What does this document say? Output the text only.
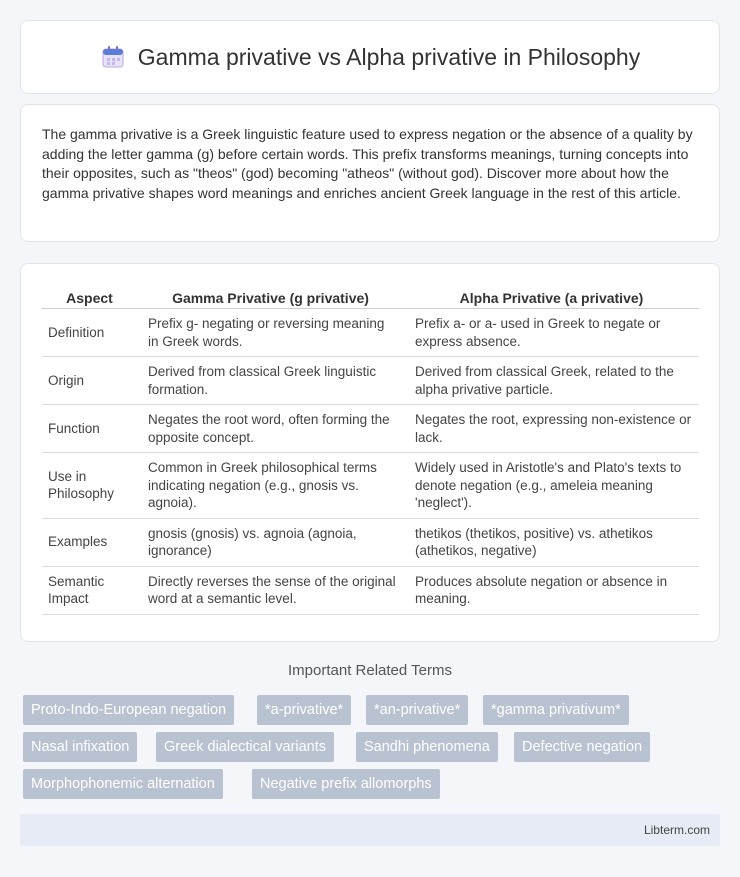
Gamma privative vs Alpha privative in Philosophy

The gamma privative is a Greek linguistic feature used to express negation or the absence of a quality by adding the letter gamma (g) before certain words. This prefix transforms meanings, turning concepts into their opposites, such as "theos" (god) becoming "atheos" (without god). Discover more about how the gamma privative shapes word meanings and enriches ancient Greek language in the rest of this article.

Aspect	Gamma Privative (g privative)	Alpha Privative (a privative)
Definition	Prefix g- negating or reversing meaning in Greek words.	Prefix a- or a- used in Greek to negate or express absence.
Origin	Derived from classical Greek linguistic formation.	Derived from classical Greek, related to the alpha privative particle.
Function	Negates the root word, often forming the opposite concept.	Negates the root, expressing non-existence or lack.
Use in Philosophy	Common in Greek philosophical terms indicating negation (e.g., gnosis vs. agnoia).	Widely used in Aristotle's and Plato's texts to denote negation (e.g., ameleia meaning 'neglect').
Examples	gnosis (gnosis) vs. agnoia (agnoia, ignorance)	thetikos (thetikos, positive) vs. athetikos (athetikos, negative)
Semantic Impact	Directly reverses the sense of the original word at a semantic level.	Produces absolute negation or absence in meaning.
Important Related Terms
Proto-Indo-European negation	*a-privative*	*an-privative*	*gamma privativum*
Nasal infixation	Greek dialectical variants	Sandhi phenomena	Defective negation
Morphophonemic alternation	Negative prefix allomorphs
Libterm.com
